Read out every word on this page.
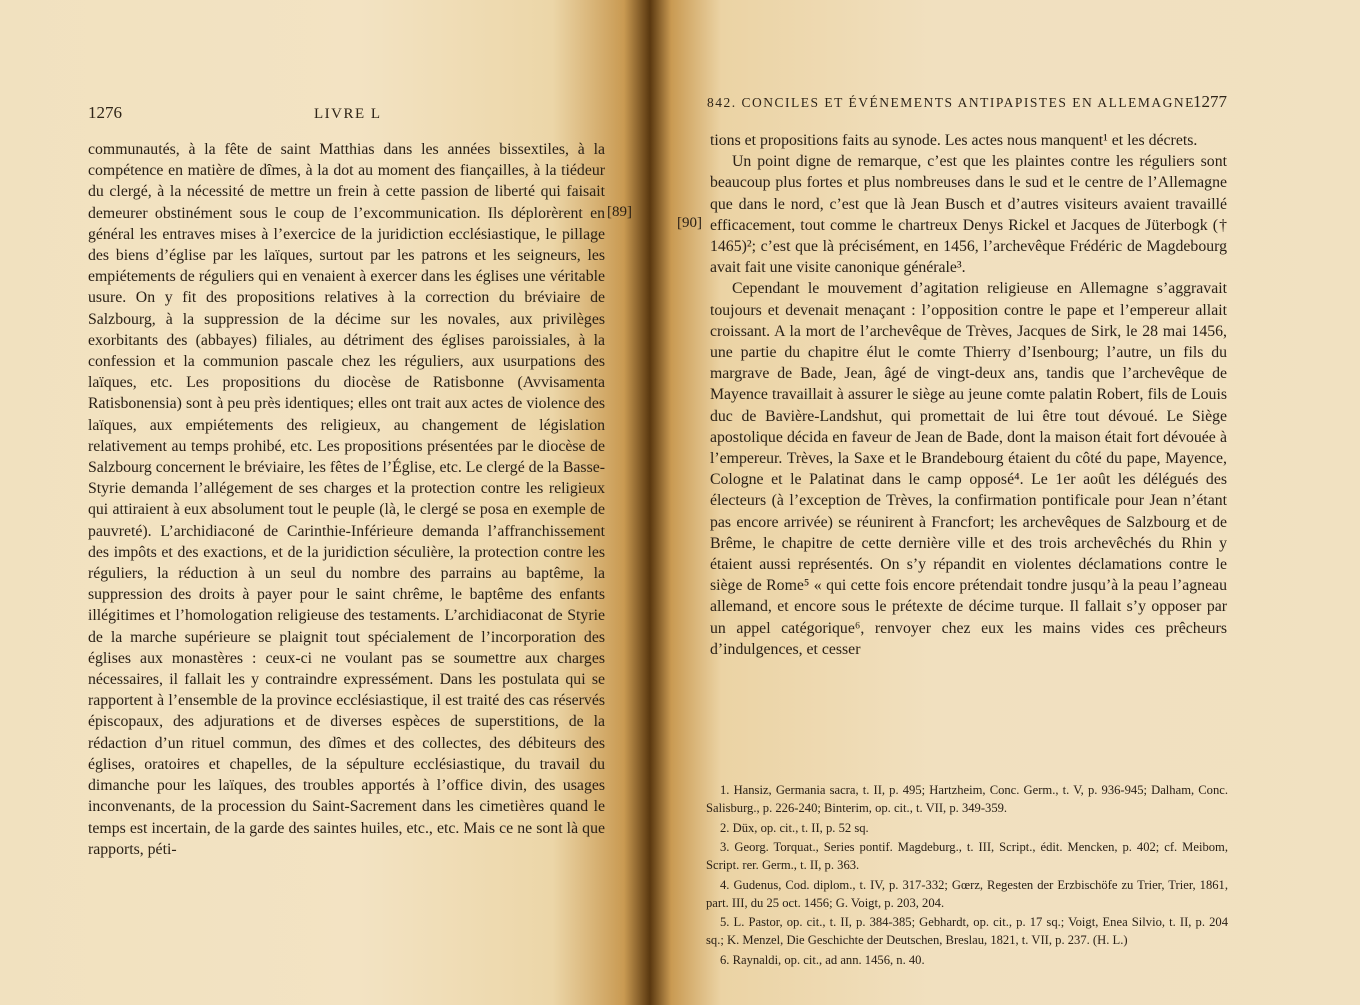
1276	LIVRE L

communautés, à la fête de saint Matthias dans les années bissextiles, à la compétence en matière de dîmes, à la dot au moment des fiançailles, à la tiédeur du clergé, à la nécessité de mettre un frein à cette passion de liberté qui faisait demeurer obstinément sous le coup de l’excommunication. Ils déplorèrent en général les entraves mises à l’exercice de la juridiction ecclésiastique, le pillage des biens d’église par les laïques, surtout par les patrons et les seigneurs, les empiétements de réguliers qui en venaient à exercer dans les églises une véritable usure. On y fit des propositions relatives à la correction du bréviaire de Salzbourg, à la suppression de la décime sur les novales, aux privilèges exorbitants des (abbayes) filiales, au détriment des églises paroissiales, à la confession et la communion pascale chez les réguliers, aux usurpations des laïques, etc. Les propositions du diocèse de Ratisbonne (Avvisamenta Ratisbonensia) sont à peu près identiques; elles ont trait aux actes de violence des laïques, aux empiétements des religieux, au changement de législation relativement au temps prohibé, etc. Les propositions présentées par le diocèse de Salzbourg concernent le bréviaire, les fêtes de l’Église, etc. Le clergé de la Basse-Styrie demanda l’allégement de ses charges et la protection contre les religieux qui attiraient à eux absolument tout le peuple (là, le clergé se posa en exemple de pauvreté). L’archidiaconé de Carinthie-Inférieure demanda l’affranchissement des impôts et des exactions, et de la juridiction séculière, la protection contre les réguliers, la réduction à un seul du nombre des parrains au baptême, la suppression des droits à payer pour le saint chrême, le baptême des enfants illégitimes et l’homologation religieuse des testaments. L’archidiaconat de Styrie de la marche supérieure se plaignit tout spécialement de l’incorporation des églises aux monastères : ceux-ci ne voulant pas se soumettre aux charges nécessaires, il fallait les y contraindre expressément. Dans les postulata qui se rapportent à l’ensemble de la province ecclésiastique, il est traité des cas réservés épiscopaux, des adjurations et de diverses espèces de superstitions, de la rédaction d’un rituel commun, des dîmes et des collectes, des débiteurs des églises, oratoires et chapelles, de la sépulture ecclésiastique, du travail du dimanche pour les laïques, des troubles apportés à l’office divin, des usages inconvenants, de la procession du Saint-Sacrement dans les cimetières quand le temps est incertain, de la garde des saintes huiles, etc., etc. Mais ce ne sont là que rapports, péti-

[89]
842. CONCILES ET ÉVÉNEMENTS ANTIPAPISTES EN ALLEMAGNE
1277
[90]

tions et propositions faits au synode. Les actes nous manquent¹ et les décrets.

Un point digne de remarque, c’est que les plaintes contre les réguliers sont beaucoup plus fortes et plus nombreuses dans le sud et le centre de l’Allemagne que dans le nord, c’est que là Jean Busch et d’autres visiteurs avaient travaillé efficacement, tout comme le chartreux Denys Rickel et Jacques de Jüterbogk († 1465)²; c’est que là précisément, en 1456, l’archevêque Frédéric de Magdebourg avait fait une visite canonique générale³.

Cependant le mouvement d’agitation religieuse en Allemagne s’aggravait toujours et devenait menaçant : l’opposition contre le pape et l’empereur allait croissant. A la mort de l’archevêque de Trèves, Jacques de Sirk, le 28 mai 1456, une partie du chapitre élut le comte Thierry d’Isenbourg; l’autre, un fils du margrave de Bade, Jean, âgé de vingt-deux ans, tandis que l’archevêque de Mayence travaillait à assurer le siège au jeune comte palatin Robert, fils de Louis duc de Bavière-Landshut, qui promettait de lui être tout dévoué. Le Siège apostolique décida en faveur de Jean de Bade, dont la maison était fort dévouée à l’empereur. Trèves, la Saxe et le Brandebourg étaient du côté du pape, Mayence, Cologne et le Palatinat dans le camp opposé⁴. Le 1er août les délégués des électeurs (à l’exception de Trèves, la confirmation pontificale pour Jean n’étant pas encore arrivée) se réunirent à Francfort; les archevêques de Salzbourg et de Brême, le chapitre de cette dernière ville et des trois archevêchés du Rhin y étaient aussi représentés. On s’y répandit en violentes déclamations contre le siège de Rome⁵ « qui cette fois encore prétendait tondre jusqu’à la peau l’agneau allemand, et encore sous le prétexte de décime turque. Il fallait s’y opposer par un appel catégorique⁶, renvoyer chez eux les mains vides ces prêcheurs d’indulgences, et cesser

1. Hansiz, Germania sacra, t. II, p. 495; Hartzheim, Conc. Germ., t. V, p. 936-945; Dalham, Conc. Salisburg., p. 226-240; Binterim, op. cit., t. VII, p. 349-359.

2. Düx, op. cit., t. II, p. 52 sq.

3. Georg. Torquat., Series pontif. Magdeburg., t. III, Script., édit. Mencken, p. 402; cf. Meibom, Script. rer. Germ., t. II, p. 363.

4. Gudenus, Cod. diplom., t. IV, p. 317-332; Gœrz, Regesten der Erzbischöfe zu Trier, Trier, 1861, part. III, du 25 oct. 1456; G. Voigt, p. 203, 204.

5. L. Pastor, op. cit., t. II, p. 384-385; Gebhardt, op. cit., p. 17 sq.; Voigt, Enea Silvio, t. II, p. 204 sq.; K. Menzel, Die Geschichte der Deutschen, Breslau, 1821, t. VII, p. 237. (H. L.)

6. Raynaldi, op. cit., ad ann. 1456, n. 40.
